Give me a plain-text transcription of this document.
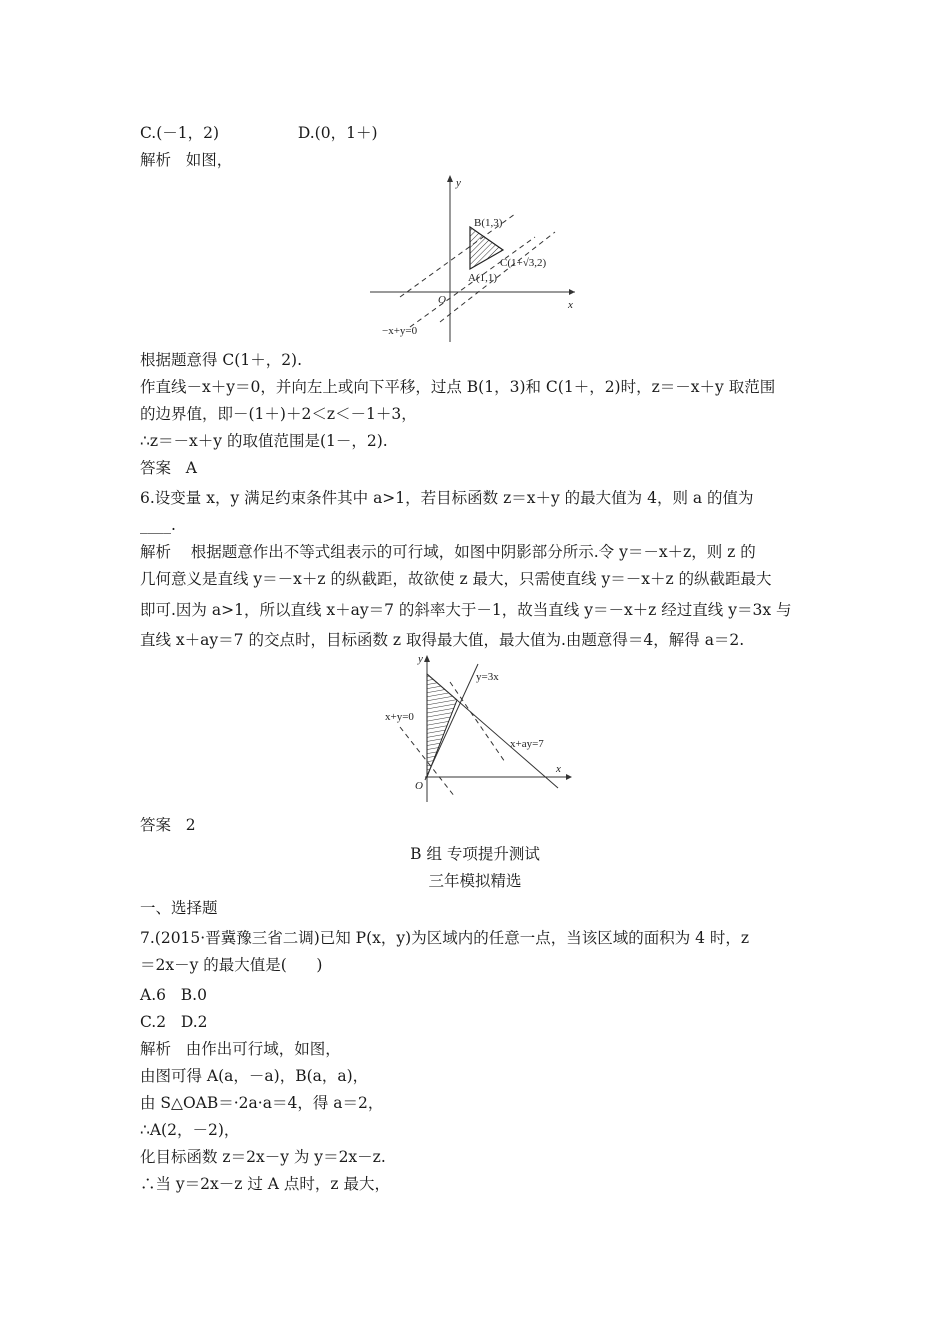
C.(－1，2)                D.(0，1＋)
解析   如图，
y
x
O
B(1,3)
C(1+√3,2)
A(1,1)
−x+y=0
根据题意得 C(1＋，2).
作直线－x＋y＝0，并向左上或向下平移，过点 B(1，3)和 C(1＋，2)时，z＝－x＋y 取范围
的边界值，即－(1＋)＋2＜z＜－1＋3，
∴z＝－x＋y 的取值范围是(1－，2).
答案   A
6.设变量 x，y 满足约束条件其中 a>1，若目标函数 z＝x＋y 的最大值为 4，则 a 的值为
____.
解析    根据题意作出不等式组表示的可行域，如图中阴影部分所示.令 y＝－x＋z，则 z 的
几何意义是直线 y＝－x＋z 的纵截距，故欲使 z 最大，只需使直线 y＝－x＋z 的纵截距最大
即可.因为 a>1，所以直线 x＋ay＝7 的斜率大于－1，故当直线 y＝－x＋z 经过直线 y＝3x 与
直线 x＋ay＝7 的交点时，目标函数 z 取得最大值，最大值为.由题意得＝4，解得 a＝2.
y
x
O
y=3x
x+ay=7
x+y=0
答案   2
B 组 专项提升测试
三年模拟精选
一、选择题
7.(2015·晋冀豫三省二调)已知 P(x，y)为区域内的任意一点，当该区域的面积为 4 时，z
＝2x－y 的最大值是(      )
A.6   B.0
C.2   D.2
解析   由作出可行域，如图，
由图可得 A(a，－a)，B(a，a)，
由 S△OAB＝·2a·a＝4，得 a＝2，
∴A(2，－2)，
化目标函数 z＝2x－y 为 y＝2x－z.
∴当 y＝2x－z 过 A 点时，z 最大，
